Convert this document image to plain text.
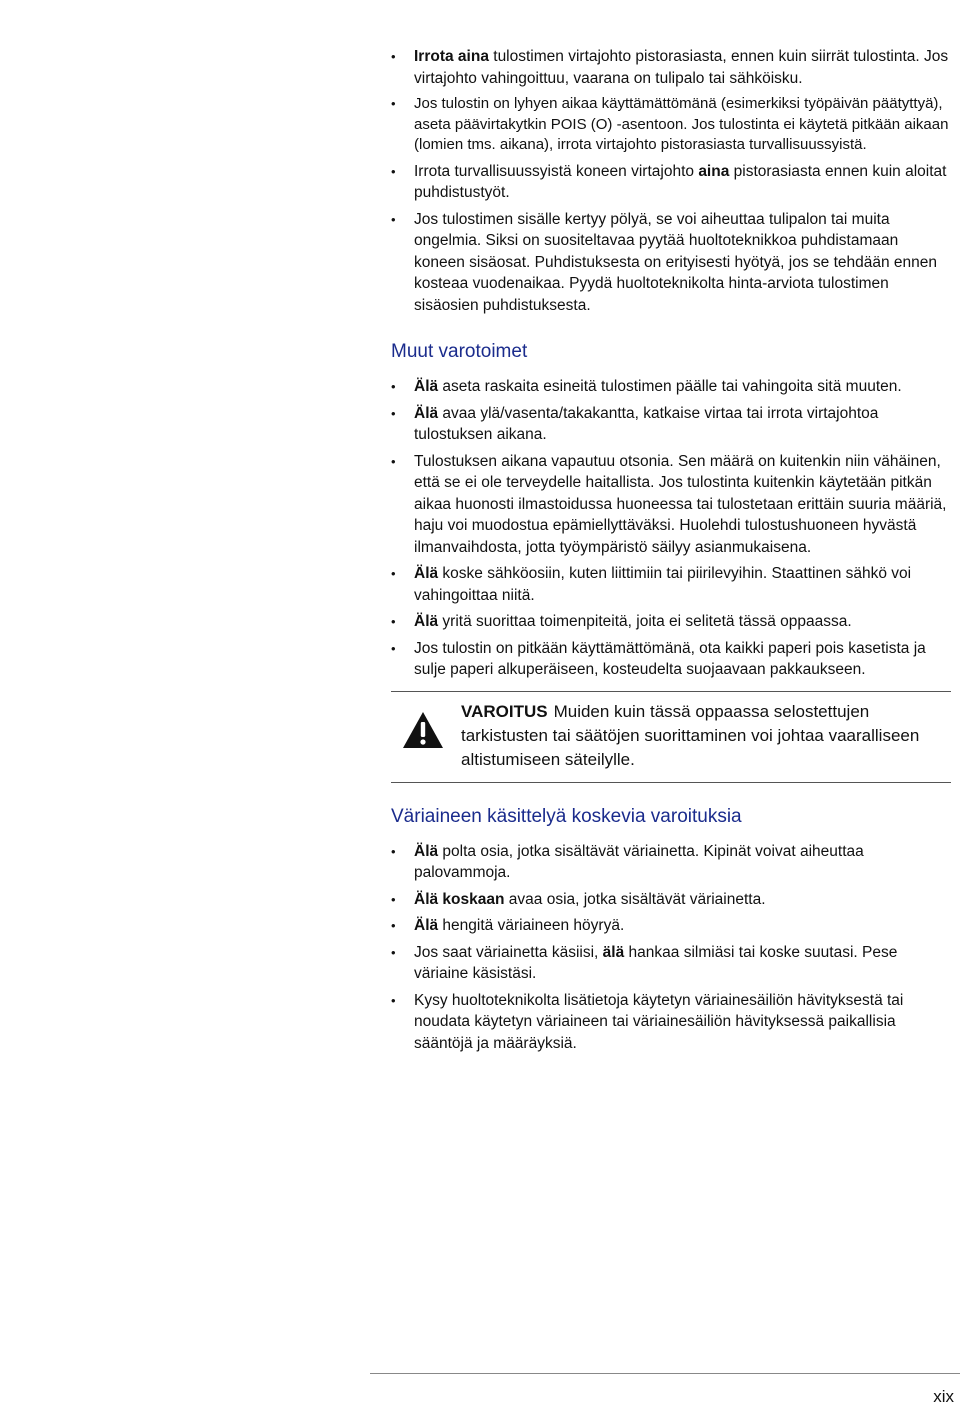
• Irrota aina tulostimen virtajohto pistorasiasta, ennen kuin siirrät tulostinta. Jos virtajohto vahingoittuu, vaarana on tulipalo tai sähköisku.
• Jos tulostin on lyhyen aikaa käyttämättömänä (esimerkiksi työpäivän päätyttyä), aseta päävirtakytkin POIS (O) -asentoon. Jos tulostinta ei käytetä pitkään aikaan (lomien tms. aikana), irrota virtajohto pistorasiasta turvallisuussyistä.
• Irrota turvallisuussyistä koneen virtajohto aina pistorasiasta ennen kuin aloitat puhdistustyöt.
• Jos tulostimen sisälle kertyy pölyä, se voi aiheuttaa tulipalon tai muita ongelmia. Siksi on suositeltavaa pyytää huoltoteknikkoa puhdistamaan koneen sisäosat. Puhdistuksesta on erityisesti hyötyä, jos se tehdään ennen kosteaa vuodenaikaa. Pyydä huoltoteknikolta hinta-arviota tulostimen sisäosien puhdistuksesta.
Muut varotoimet
• Älä aseta raskaita esineitä tulostimen päälle tai vahingoita sitä muuten.
• Älä avaa ylä/vasenta/takakantta, katkaise virtaa tai irrota virtajohtoa tulostuksen aikana.
• Tulostuksen aikana vapautuu otsonia. Sen määrä on kuitenkin niin vähäinen, että se ei ole terveydelle haitallista. Jos tulostinta kuitenkin käytetään pitkän aikaa huonosti ilmastoidussa huoneessa tai tulostetaan erittäin suuria määriä, haju voi muodostua epämiellyttäväksi. Huolehdi tulostushuoneen hyvästä ilmanvaihdosta, jotta työympäristö säilyy asianmukaisena.
• Älä koske sähköosiin, kuten liittimiin tai piirilevyihin. Staattinen sähkö voi vahingoittaa niitä.
• Älä yritä suorittaa toimenpiteitä, joita ei selitetä tässä oppaassa.
• Jos tulostin on pitkään käyttämättömänä, ota kaikki paperi pois kasetista ja sulje paperi alkuperäiseen, kosteudelta suojaavaan pakkaukseen.
VAROITUS Muiden kuin tässä oppaassa selostettujen tarkistusten tai säätöjen suorittaminen voi johtaa vaaralliseen altistumiseen säteilylle.
Väriaineen käsittelyä koskevia varoituksia
• Älä polta osia, jotka sisältävät väriainetta. Kipinät voivat aiheuttaa palovammoja.
• Älä koskaan avaa osia, jotka sisältävät väriainetta.
• Älä hengitä väriaineen höyryä.
• Jos saat väriainetta käsiisi, älä hankaa silmiäsi tai koske suutasi. Pese väriaine käsistäsi.
• Kysy huoltoteknikolta lisätietoja käytetyn väriainesäiliön hävityksestä tai noudata käytetyn väriaineen tai väriainesäiliön hävityksessä paikallisia sääntöjä ja määräyksiä.
xix
